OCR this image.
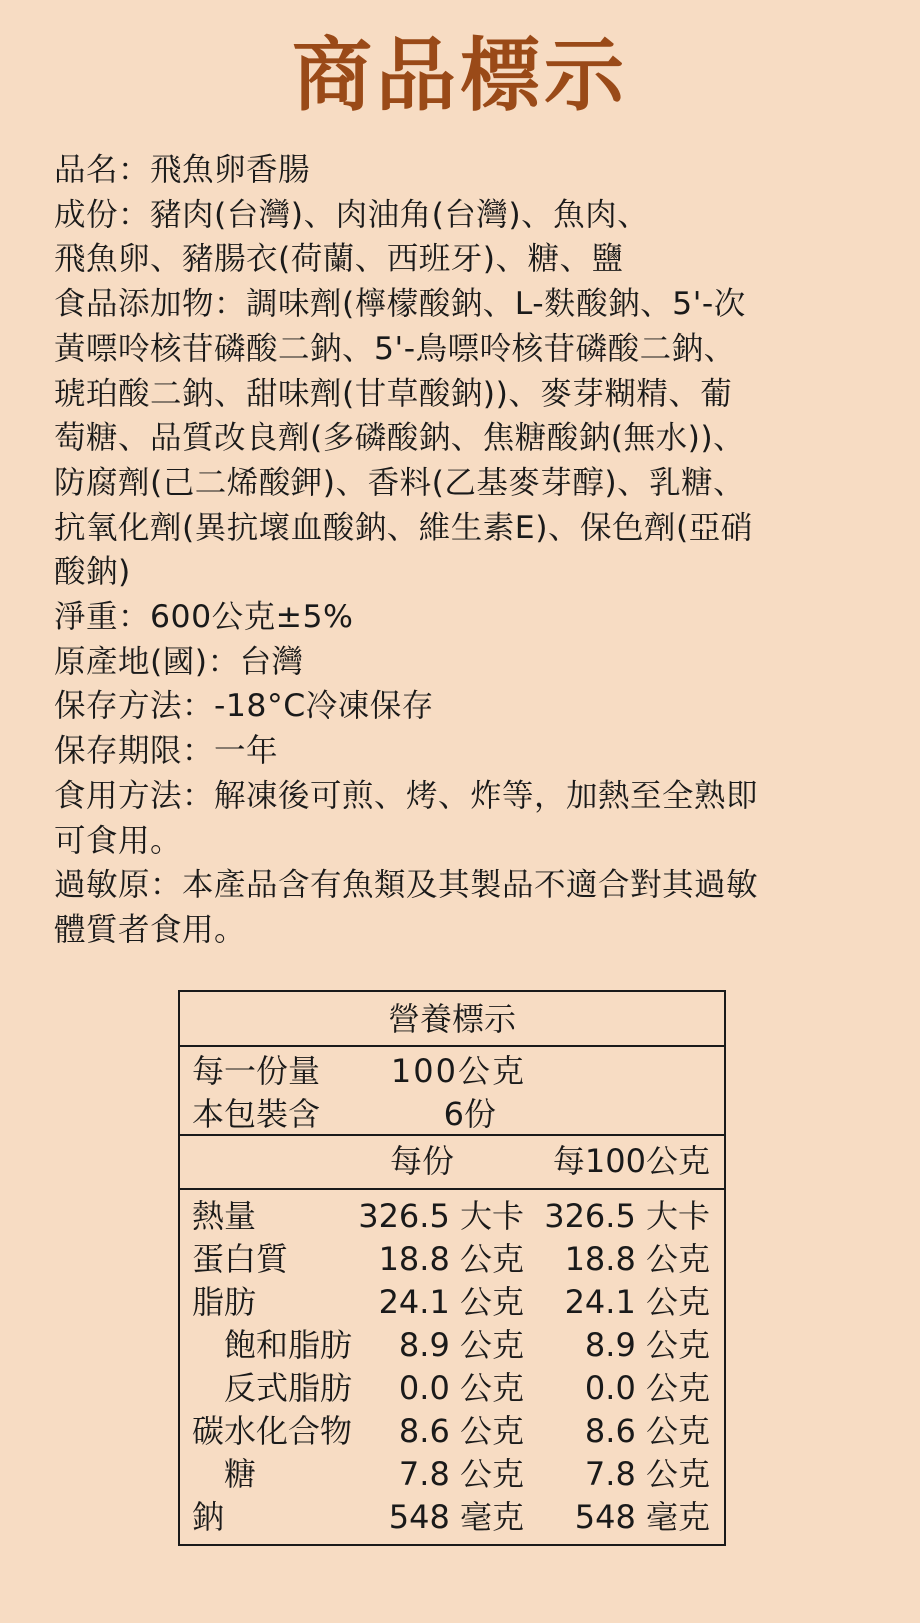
商品標示

品名：飛魚卵香腸

成份：豬肉(台灣)、肉油角(台灣)、魚肉、

飛魚卵、豬腸衣(荷蘭、西班牙)、糖、鹽

食品添加物：調味劑(檸檬酸鈉、L-麩酸鈉、5'-次

黃嘌呤核苷磷酸二鈉、5'-鳥嘌呤核苷磷酸二鈉、

琥珀酸二鈉、甜味劑(甘草酸鈉))、麥芽糊精、葡

萄糖、品質改良劑(多磷酸鈉、焦糖酸鈉(無水))、

防腐劑(己二烯酸鉀)、香料(乙基麥芽醇)、乳糖、

抗氧化劑(異抗壞血酸鈉、維生素E)、保色劑(亞硝

酸鈉)

淨重：600公克±5%

原產地(國)：台灣

保存方法：-18°C冷凍保存

保存期限：一年

食用方法：解凍後可煎、烤、炸等，加熱至全熟即

可食用。

過敏原：本產品含有魚類及其製品不適合對其過敏

體質者食用。

營養標示
每一份量 100公克
本包裝含	6份
每份	每100公克
熱量	326.5 大卡 326.5 大卡
蛋白質	18.8 公克 18.8 公克
脂肪	24.1 公克 24.1 公克
飽和脂肪 8.9 公克 8.9 公克
反式脂肪 0.0 公克 0.0 公克
碳水化合物 8.6 公克 8.6 公克
糖	7.8 公克 7.8 公克
鈉	548 毫克 548 毫克
